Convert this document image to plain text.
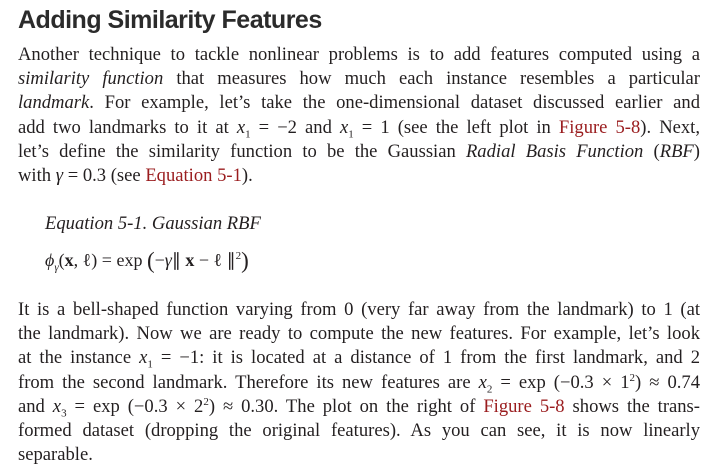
Adding Similarity Features
Another technique to tackle nonlinear problems is to add features computed using a
similarity function that measures how much each instance resembles a particular
landmark. For example, let’s take the one-dimensional dataset discussed earlier and
add two landmarks to it at $x_1 = -2$ and $x_1 = 1$ (see the left plot in Figure 5-8). Next,
let’s define the similarity function to be the Gaussian Radial Basis Function (RBF)
with γ = 0.3 (see Equation 5-1).

Equation 5-1. Gaussian RBF

$\phi_\gamma(x$, ℓ) = exp (−γ∥ x − ℓ ∥$^2$)

It is a bell-shaped function varying from 0 (very far away from the landmark) to 1 (at
the landmark). Now we are ready to compute the new features. For example, let’s look
at the instance $x_1 = -1$: it is located at a distance of 1 from the first landmark, and 2
from the second landmark. Therefore its new features are $x_2 = \exp (-0.3 \times 1^2) \approx 0.74$
and $x_3 = \exp (-0.3 \times 2^2) \approx 0.30$. The plot on the right of Figure 5-8 shows the trans-
formed dataset (dropping the original features). As you can see, it is now linearly
separable.
